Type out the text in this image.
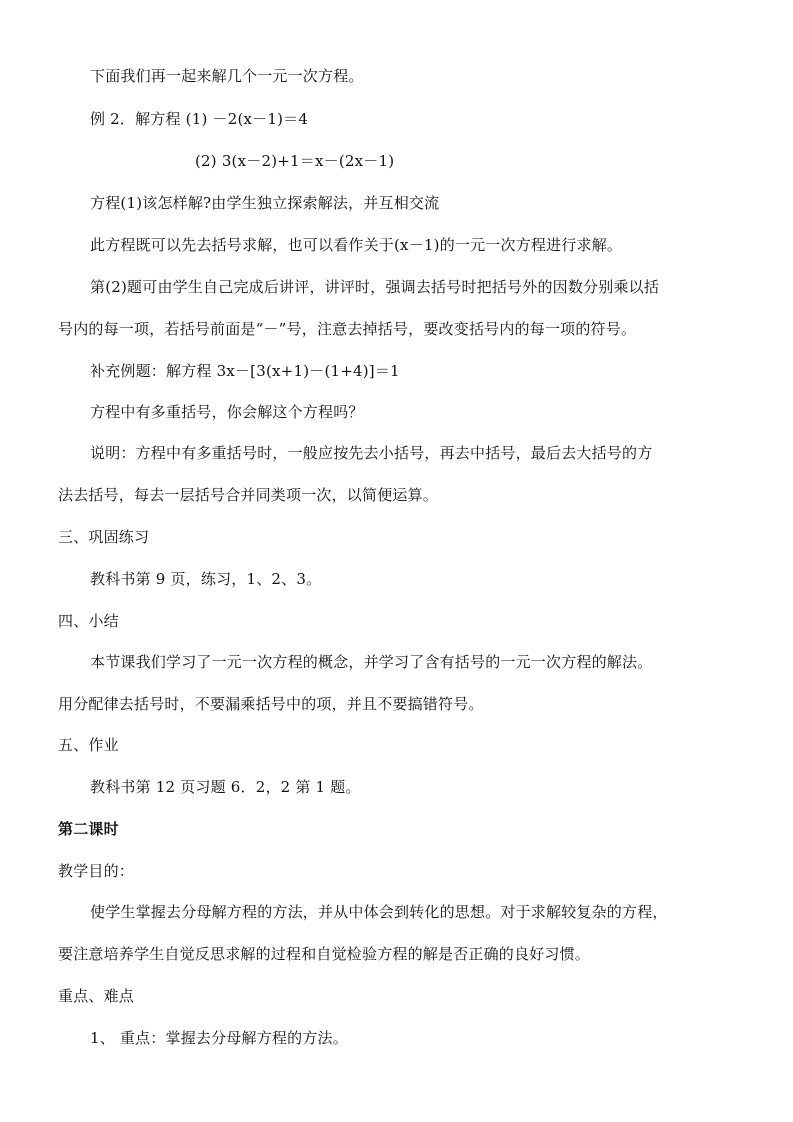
下面我们再一起来解几个一元一次方程。
例 2．解方程 (1) －2(x－1)＝4
(2) 3(x－2)+1＝x－(2x－1)
方程(1)该怎样解?由学生独立探索解法，并互相交流
此方程既可以先去括号求解，也可以看作关于(x－1)的一元一次方程进行求解。
第(2)题可由学生自己完成后讲评，讲评时，强调去括号时把括号外的因数分别乘以括
号内的每一项，若括号前面是“－”号，注意去掉括号，要改变括号内的每一项的符号。
补充例题：解方程 3x－[3(x+1)－(1+4)]＝1
方程中有多重括号，你会解这个方程吗？
说明：方程中有多重括号时，一般应按先去小括号，再去中括号，最后去大括号的方
法去括号，每去一层括号合并同类项一次，以简便运算。
三、巩固练习
教科书第 9 页，练习，1、2、3。
四、小结
本节课我们学习了一元一次方程的概念，并学习了含有括号的一元一次方程的解法。
用分配律去括号时，不要漏乘括号中的项，并且不要搞错符号。
五、作业
教科书第 12 页习题 6．2，2 第 1 题。
第二课时
教学目的：
使学生掌握去分母解方程的方法，并从中体会到转化的思想。对于求解较复杂的方程，
要注意培养学生自觉反思求解的过程和自觉检验方程的解是否正确的良好习惯。
重点、难点
1、 重点：掌握去分母解方程的方法。
